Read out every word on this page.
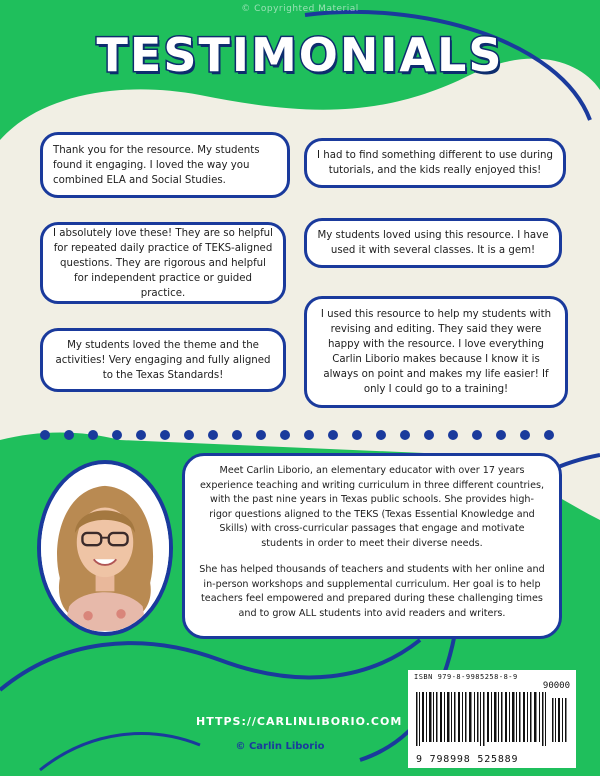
© Copyrighted Material
TESTIMONIALS
Thank you for the resource. My students found it engaging. I loved the way you combined ELA and Social Studies.
I had to find something different to use during tutorials, and the kids really enjoyed this!
I absolutely love these! They are so helpful for repeated daily practice of TEKS-aligned questions. They are rigorous and helpful for independent practice or guided practice.
My students loved using this resource. I have used it with several classes. It is a gem!
I used this resource to help my students with revising and editing. They said they were happy with the resource. I love everything Carlin Liborio makes because I know it is always on point and makes my life easier! If only I could go to a training!
My students loved the theme and the activities! Very engaging and fully aligned to the Texas Standards!

Meet Carlin Liborio, an elementary educator with over 17 years experience teaching and writing curriculum in three different countries, with the past nine years in Texas public schools. She provides high-rigor questions aligned to the TEKS (Texas Essential Knowledge and Skills) with cross-curricular passages that engage and motivate students in order to meet their diverse needs.

She has helped thousands of teachers and students with her online and in-person workshops and supplemental curriculum. Her goal is to help teachers feel empowered and prepared during these challenging times and to grow ALL students into avid readers and writers.

ISBN 979-8-9985258-8-9
90000
9 798998 525889
HTTPS://CARLINLIBORIO.COM
© Carlin Liborio
